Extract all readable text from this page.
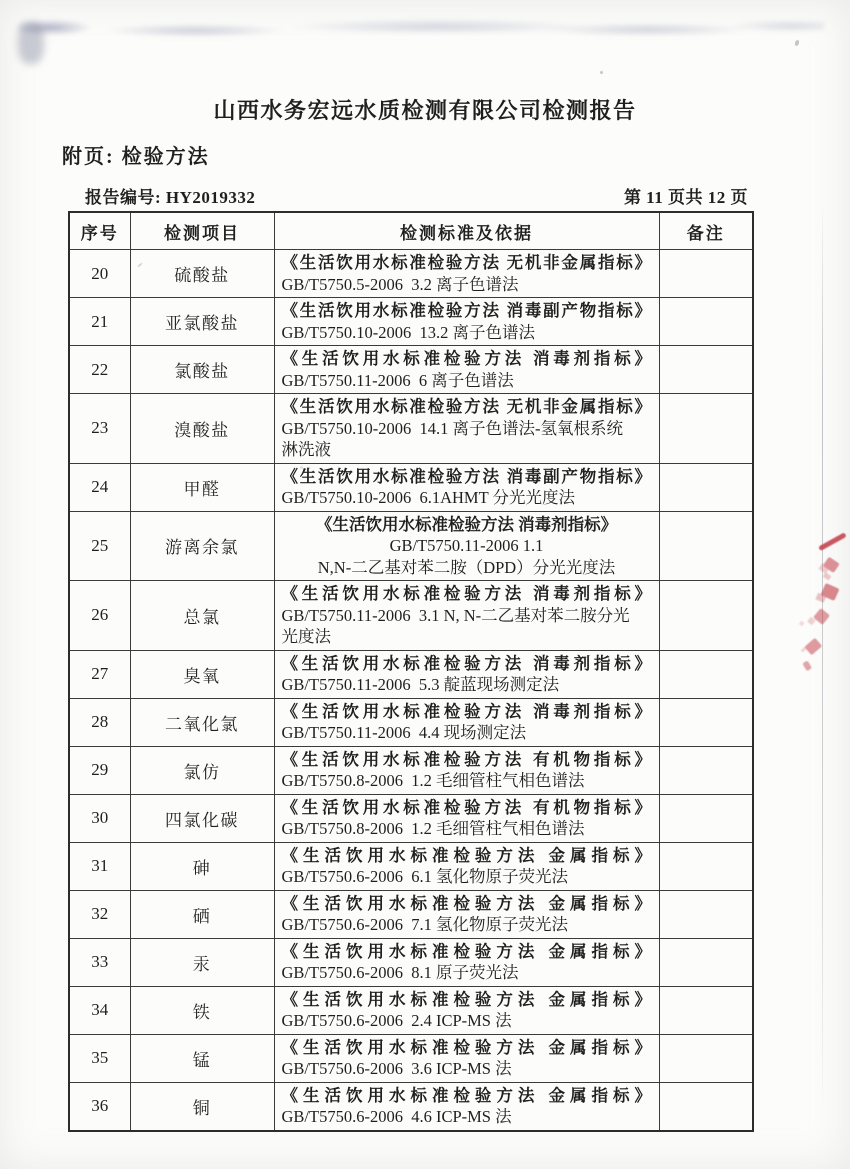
山西水务宏远水质检测有限公司检测报告
附页: 检验方法
报告编号: HY2019332	第 11 页共 12 页
序号	检测项目	检测标准及依据	备注
20	硫酸盐	《生活饮用水标准检验方法 无机非金属指标》
GB/T5750.5-2006  3.2 离子色谱法	

21	亚氯酸盐	《生活饮用水标准检验方法 消毒副产物指标》
GB/T5750.10-2006  13.2 离子色谱法	

22	氯酸盐	《生活饮用水标准检验方法 消毒剂指标》
GB/T5750.11-2006  6 离子色谱法	

23	溴酸盐	《生活饮用水标准检验方法 无机非金属指标》
GB/T5750.10-2006  14.1 离子色谱法-氢氧根系统
淋洗液	

24	甲醛	《生活饮用水标准检验方法 消毒副产物指标》
GB/T5750.10-2006  6.1AHMT 分光光度法	

25	游离余氯	《生活饮用水标准检验方法 消毒剂指标》
GB/T5750.11-2006 1.1
N,N-二乙基对苯二胺（DPD）分光光度法	

26	总氯	《生活饮用水标准检验方法 消毒剂指标》
GB/T5750.11-2006  3.1 N, N-二乙基对苯二胺分光
光度法	

27	臭氧	《生活饮用水标准检验方法 消毒剂指标》
GB/T5750.11-2006  5.3 靛蓝现场测定法	

28	二氧化氯	《生活饮用水标准检验方法 消毒剂指标》
GB/T5750.11-2006  4.4 现场测定法	

29	氯仿	《生活饮用水标准检验方法 有机物指标》
GB/T5750.8-2006  1.2 毛细管柱气相色谱法	

30	四氯化碳	《生活饮用水标准检验方法 有机物指标》
GB/T5750.8-2006  1.2 毛细管柱气相色谱法	

31	砷	《生活饮用水标准检验方法 金属指标》
GB/T5750.6-2006  6.1 氢化物原子荧光法	

32	硒	《生活饮用水标准检验方法 金属指标》
GB/T5750.6-2006  7.1 氢化物原子荧光法	

33	汞	《生活饮用水标准检验方法 金属指标》
GB/T5750.6-2006  8.1 原子荧光法	

34	铁	《生活饮用水标准检验方法 金属指标》
GB/T5750.6-2006  2.4 ICP-MS 法	

35	锰	《生活饮用水标准检验方法 金属指标》
GB/T5750.6-2006  3.6 ICP-MS 法	

36	铜	《生活饮用水标准检验方法 金属指标》
GB/T5750.6-2006  4.6 ICP-MS 法	
